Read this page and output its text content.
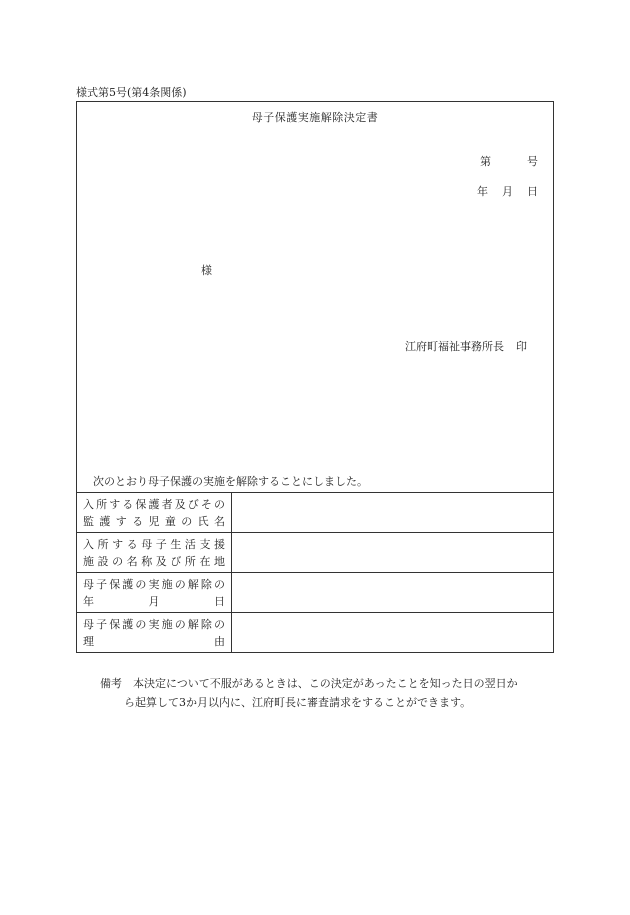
様式第5号(第4条関係)
母子保護実施解除決定書
第	号
年 月 日
様
江府町福祉事務所長 印
次のとおり母子保護の実施を解除することにしました。
入所する保護者及びその
監護する児童の氏名	

入所する母子生活支援
施設の名称及び所在地	

母子保護の実施の解除の
年月日	

母子保護の実施の解除の
理由	

備考　本決定について不服があるときは、この決定があったことを知った日の翌日か
ら起算して3か月以内に、江府町長に審査請求をすることができます。
